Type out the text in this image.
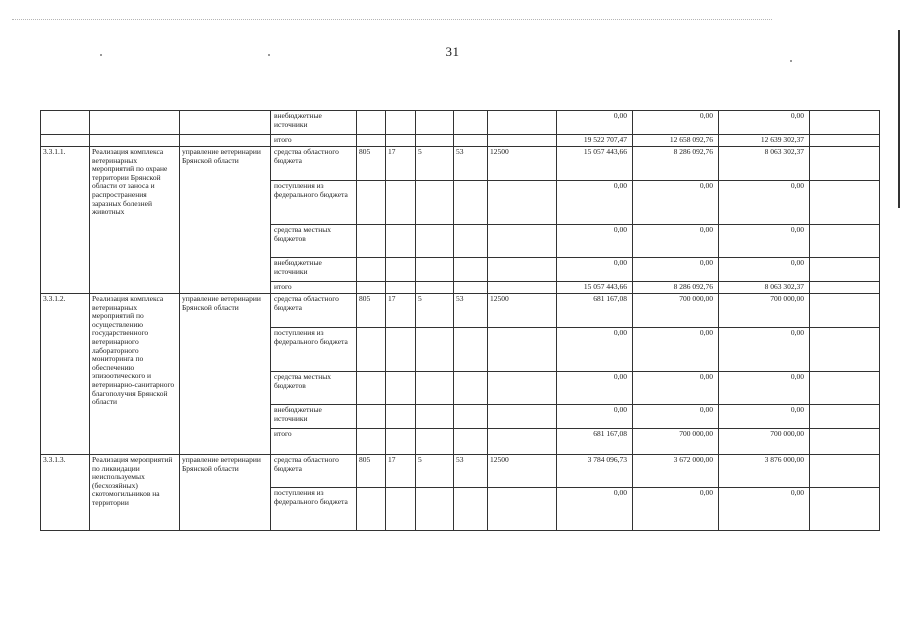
31
			внебюджетные источники						0,00	0,00	0,00	
			итого						19 522 707,47	12 658 092,76	12 639 302,37	
3.3.1.1.	Реализация комплекса ветеринарных мероприятий по охране территории Брянской области от заноса и распространения заразных болезней животных	управление ветеринарии Брянской области	средства областного бюджета	805	17	5	53	12500	15 057 443,66	8 286 092,76	8 063 302,37	
			поступления из федерального бюджета						0,00	0,00	0,00	
			средства местных бюджетов						0,00	0,00	0,00	
			внебюджетные источники						0,00	0,00	0,00	
			итого						15 057 443,66	8 286 092,76	8 063 302,37	
3.3.1.2.	Реализация комплекса ветеринарных мероприятий по осуществлению государственного ветеринарного лабораторного мониторинга по обеспечению эпизоотического и ветеринарно-санитарного благополучия Брянской области	управление ветеринарии Брянской области	средства областного бюджета	805	17	5	53	12500	681 167,08	700 000,00	700 000,00	
			поступления из федерального бюджета						0,00	0,00	0,00	
			средства местных бюджетов						0,00	0,00	0,00	
			внебюджетные источники						0,00	0,00	0,00	
			итого						681 167,08	700 000,00	700 000,00	
3.3.1.3.	Реализация мероприятий по ликвидации неиспользуемых (бесхозяйных) скотомогильников на территории	управление ветеринарии Брянской области	средства областного бюджета	805	17	5	53	12500	3 784 096,73	3 672 000,00	3 876 000,00	
			поступления из федерального бюджета						0,00	0,00	0,00	
